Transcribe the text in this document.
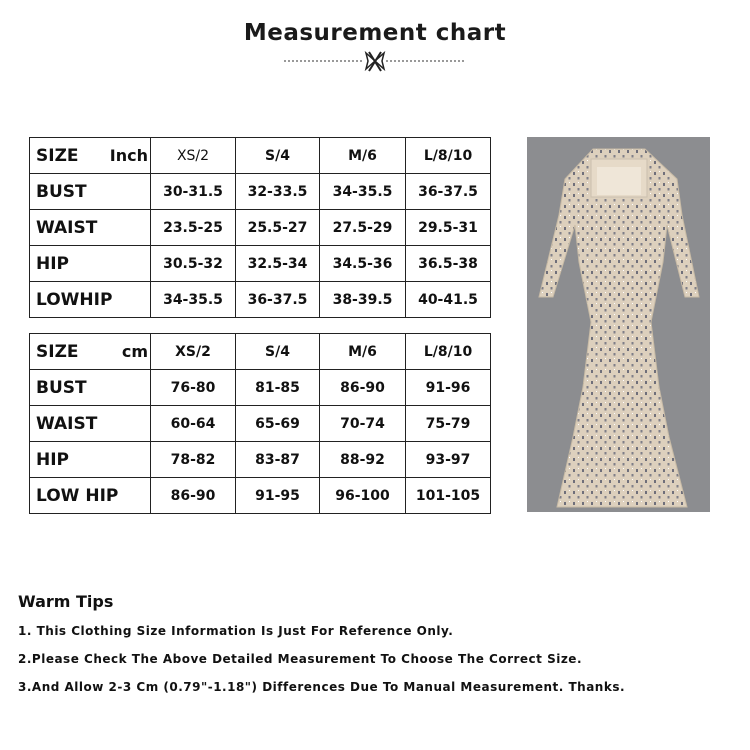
Measurement chart
SIZE Inch	XS/2	S/4	M/6	L/8/10
BUST	30-31.5	32-33.5	34-35.5	36-37.5
WAIST	23.5-25	25.5-27	27.5-29	29.5-31
HIP	30.5-32	32.5-34	34.5-36	36.5-38
LOWHIP	34-35.5	36-37.5	38-39.5	40-41.5
SIZE cm	XS/2	S/4	M/6	L/8/10
BUST	76-80	81-85	86-90	91-96
WAIST	60-64	65-69	70-74	75-79
HIP	78-82	83-87	88-92	93-97
LOW HIP	86-90	91-95	96-100	101-105
Warm Tips
1. This Clothing Size Information Is Just For Reference Only.
2.Please Check The Above Detailed Measurement To Choose The Correct Size.
3.And Allow 2-3 Cm (0.79"-1.18") Differences Due To Manual Measurement. Thanks.
